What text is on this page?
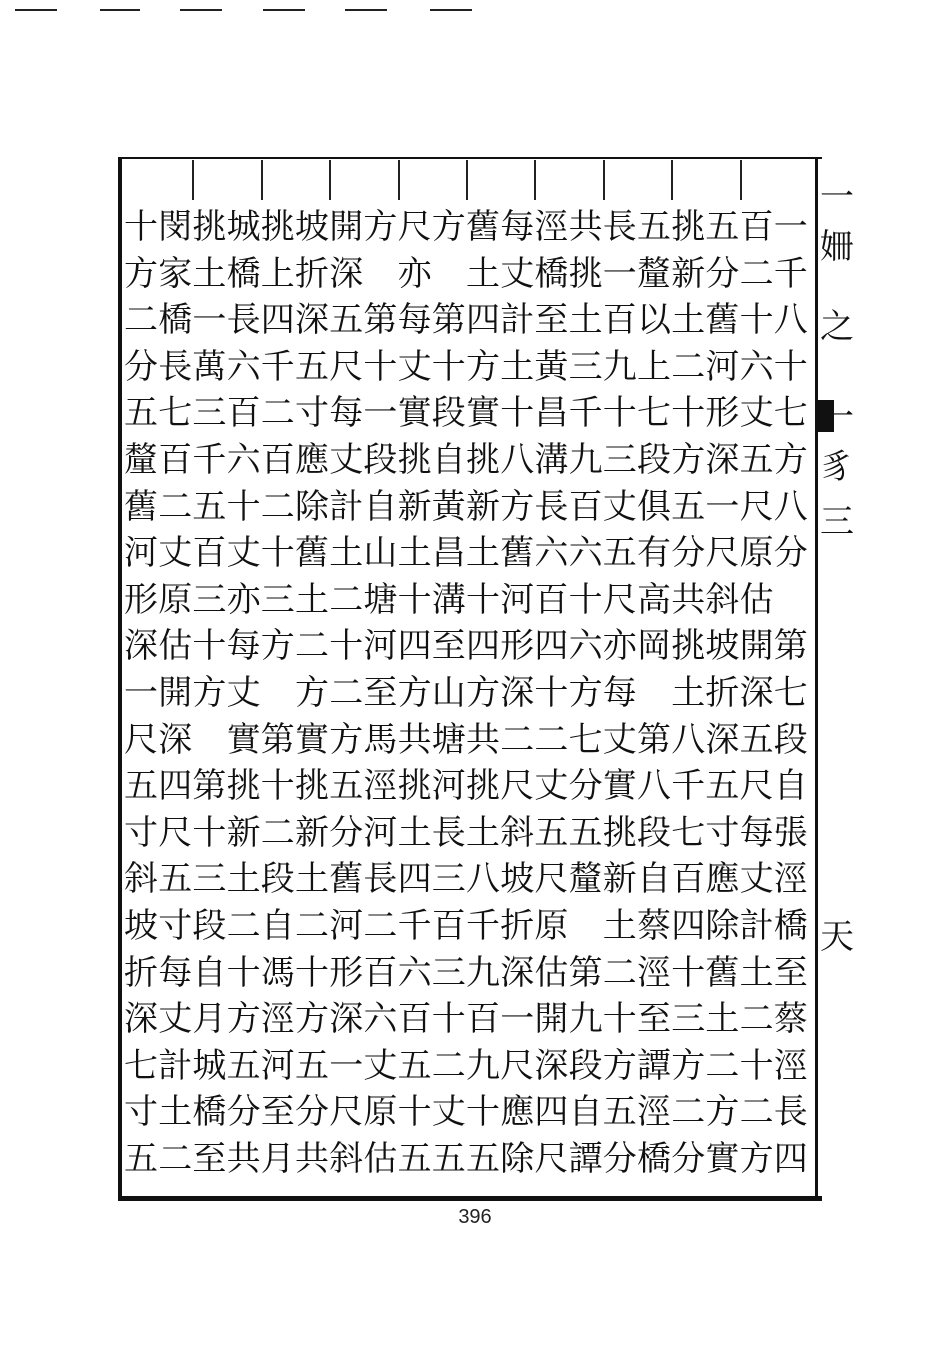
十 閔 挑 城 挑 坡 開 方 尺 方 舊 每 涇 共 長 五 挑 五 百 一
方 家 土 橋 上 折 深 亦 土 丈 橋 挑 一 釐 新 分 二 千
二 橋 一 長 四 深 五 第 每 第 四 計 至 土 百 以 土 舊 十 八
分 長 萬 六 千 五 尺 十 丈 十 方 土 黃 三 九 上 二 河 六 十
五 七 三 百 二 寸 每 一 實 段 實 十 昌 千 十 七 十 形 丈 七
釐 百 千 六 百 應 丈 段 挑 自 挑 八 溝 九 三 段 方 深 五 方
舊 二 五 十 二 除 計 自 新 黃 新 方 長 百 丈 俱 五 一 尺 八
河 丈 百 丈 十 舊 土 山 土 昌 土 舊 六 六 五 有 分 尺 原 分
形 原 三 亦 三 土 二 塘 十 溝 十 河 百 十 尺 高 共 斜 估
深 估 十 每 方 二 十 河 四 至 四 形 四 六 亦 岡 挑 坡 開 第
一 開 方 丈 方 二 至 方 山 方 深 十 方 每 土 折 深 七
尺 深 實 第 實 方 馬 共 塘 共 二 二 七 丈 第 八 深 五 段
五 四 第 挑 十 挑 五 涇 挑 河 挑 尺 丈 分 實 八 千 五 尺 自
寸 尺 十 新 二 新 分 河 土 長 土 斜 五 五 挑 段 七 寸 每 張
斜 五 三 土 段 土 舊 長 四 三 八 坡 尺 釐 新 自 百 應 丈 涇
坡 寸 段 二 自 二 河 二 千 百 千 折 原 土 蔡 四 除 計 橋
折 每 自 十 馮 十 形 百 六 三 九 深 估 第 二 涇 十 舊 土 至
深 丈 月 方 涇 方 深 六 百 十 百 一 開 九 十 至 三 土 二 蔡
七 計 城 五 河 五 一 丈 五 二 九 尺 深 段 方 譚 方 二 十 涇
寸 土 橋 分 至 分 尺 原 十 丈 十 應 四 自 五 涇 二 方 二 長
五 二 至 共 月 共 斜 估 五 五 五 除 尺 譚 分 橋 分 實 方 四
一
姍
之
一
豸
三
天
396
